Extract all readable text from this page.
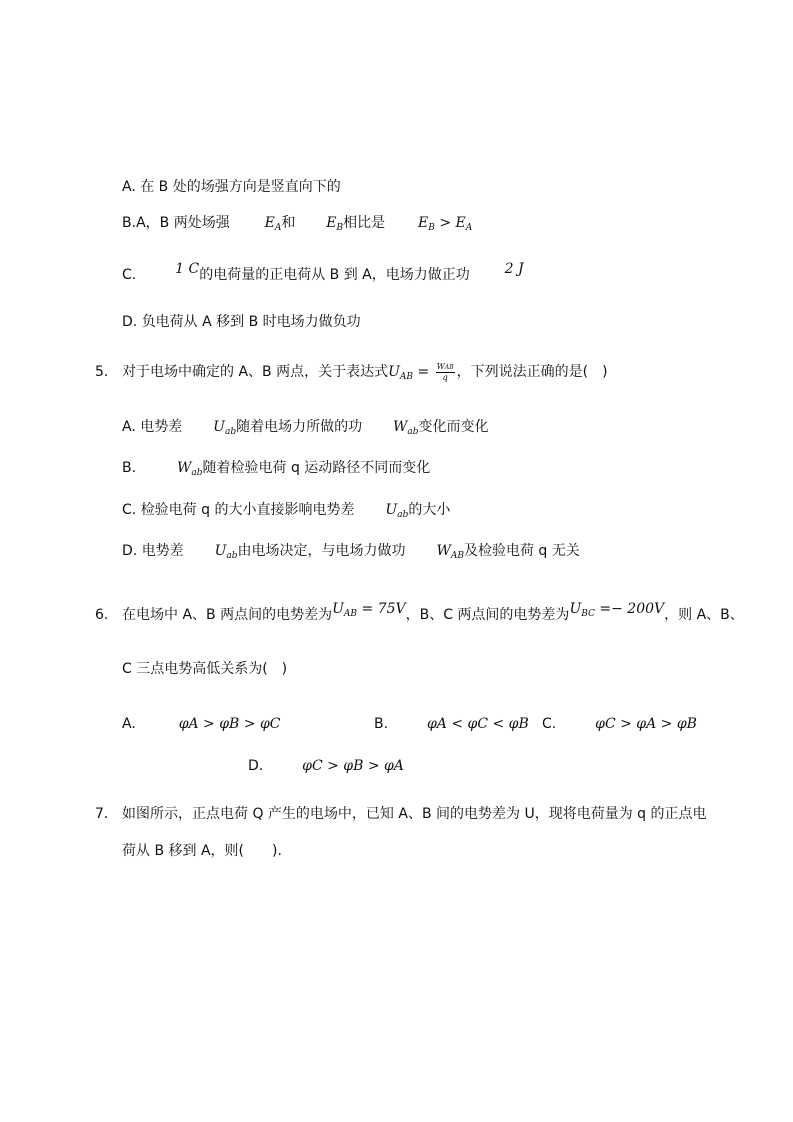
A. 在 B 处的场强方向是竖直向下的
B.A，B 两处场强 $E_A$和 $E_B$相比是 $E_B > E_A$
C.	1 C的电荷量的正电荷从 B 到 A，电场力做正功 2 J
D. 负电荷从 A 移到 B 时电场力做负功
5. 对于电场中确定的 A、B 两点，关于表达式$U_{AB} = \frac{\text{WAB}}{q}$ ，下列说法正确的是(　)
A. 电势差 $U_{ab}$随着电场力所做的功 $W_{ab}$变化而变化
B.	$W_{ab}$随着检验电荷 q 运动路径不同而变化
C. 检验电荷 q 的大小直接影响电势差 $U_{ab}$的大小
D. 电势差 $U_{ab}$由电场决定，与电场力做功 $W_{AB}$及检验电荷 q 无关
6. 在电场中 A、B 两点间的电势差为$U_{AB} = 75V$，B、C 两点间的电势差为$U_{BC} =- 200V$，则 A、B、
C 三点电势高低关系为(　)
A.	φA > φB > φC	B.	φA < φC < φB C.	φC > φA > φB
D.	φC > φB > φA
7. 如图所示，正点电荷 Q 产生的电场中，已知 A、B 间的电势差为 U，现将电荷量为 q 的正点电
荷从 B 移到 A，则(　　).
